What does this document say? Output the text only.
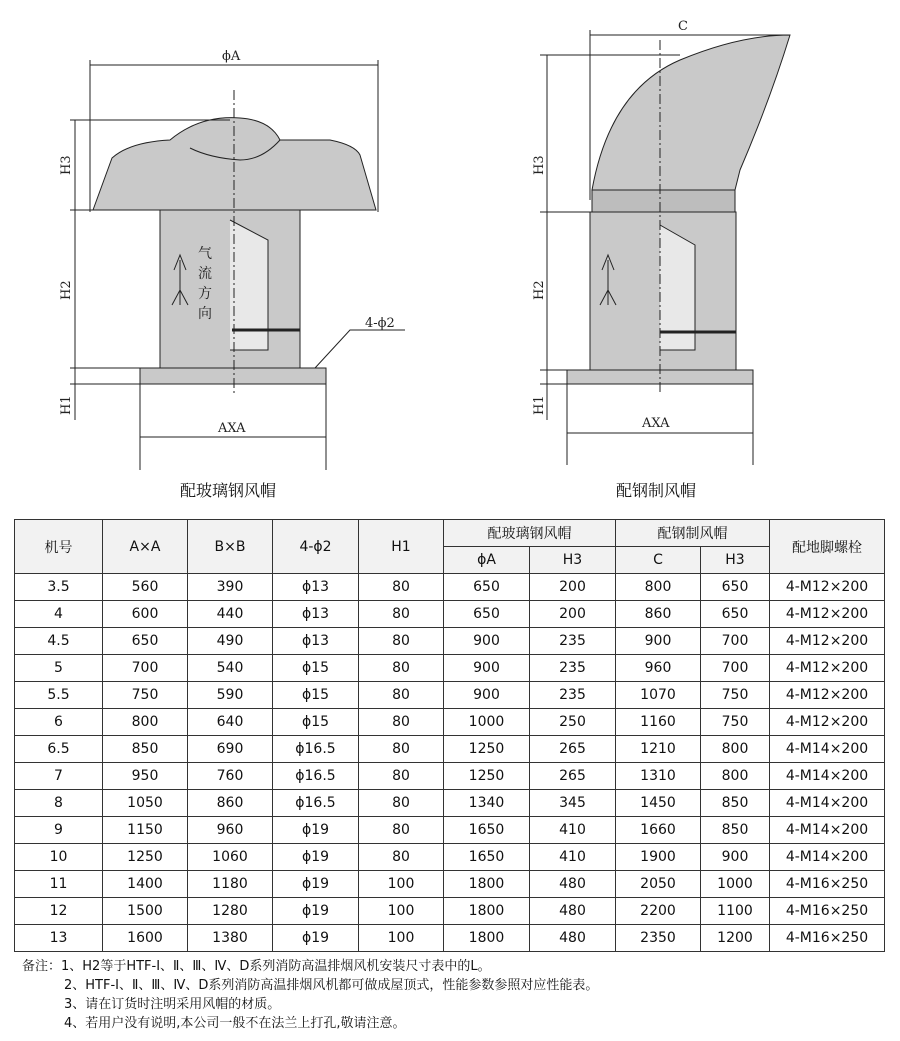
ϕA
H3
H2
H1
AXA
4-ϕ2
气
流
方
向
C
H3
H2
H1
AXA
配玻璃钢风帽	配钢制风帽
机号	A×A	B×B	4-ϕ2	H1	配玻璃钢风帽		配钢制风帽		配地脚螺栓
					ϕA	H3	C	H3	
3.5	560	390	ϕ13	80	650	200	800	650	4-M12×200
4	600	440	ϕ13	80	650	200	860	650	4-M12×200
4.5	650	490	ϕ13	80	900	235	900	700	4-M12×200
5	700	540	ϕ15	80	900	235	960	700	4-M12×200
5.5	750	590	ϕ15	80	900	235	1070	750	4-M12×200
6	800	640	ϕ15	80	1000	250	1160	750	4-M12×200
6.5	850	690	ϕ16.5	80	1250	265	1210	800	4-M14×200
7	950	760	ϕ16.5	80	1250	265	1310	800	4-M14×200
8	1050	860	ϕ16.5	80	1340	345	1450	850	4-M14×200
9	1150	960	ϕ19	80	1650	410	1660	850	4-M14×200
10	1250	1060	ϕ19	80	1650	410	1900	900	4-M14×200
11	1400	1180	ϕ19	100	1800	480	2050	1000	4-M16×250
12	1500	1280	ϕ19	100	1800	480	2200	1100	4-M16×250
13	1600	1380	ϕ19	100	1800	480	2350	1200	4-M16×250
备注：1、H2等于HTF-Ⅰ、Ⅱ、Ⅲ、Ⅳ、D系列消防高温排烟风机安装尺寸表中的L。
2、HTF-Ⅰ、Ⅱ、Ⅲ、Ⅳ、D系列消防高温排烟风机都可做成屋顶式，性能参数参照对应性能表。
3、请在订货时注明采用风帽的材质。
4、若用户没有说明,本公司一般不在法兰上打孔,敬请注意。
